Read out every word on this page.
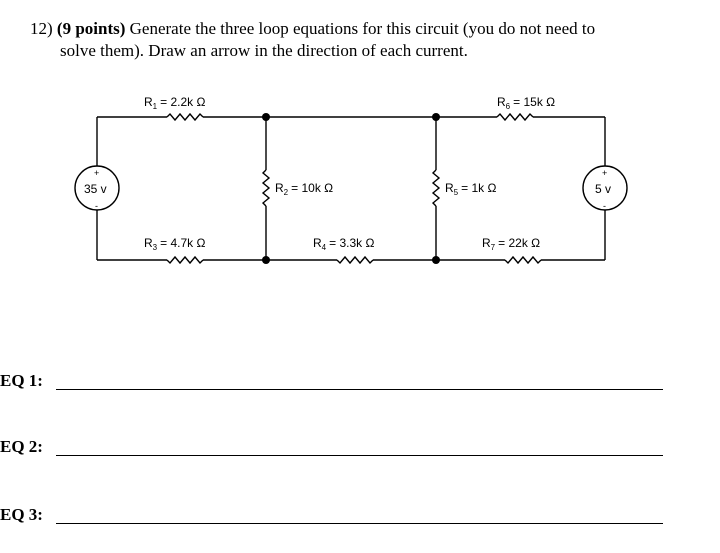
12) (9 points) Generate the three loop equations for this circuit (you do not need to
solve them). Draw an arrow in the direction of each current.
$R_1 = 2.2k$ Ω	$R_6 = 15k$ Ω
$R_2 = 10k$ Ω	$R_5 = 1k$ Ω
$R_3 = 4.7k$ Ω	$R_4 = 3.3k$ Ω	$R_7 = 22k$ Ω
+
35 v
-
+
5 v
-
EQ 1:
EQ 2:
EQ 3:
